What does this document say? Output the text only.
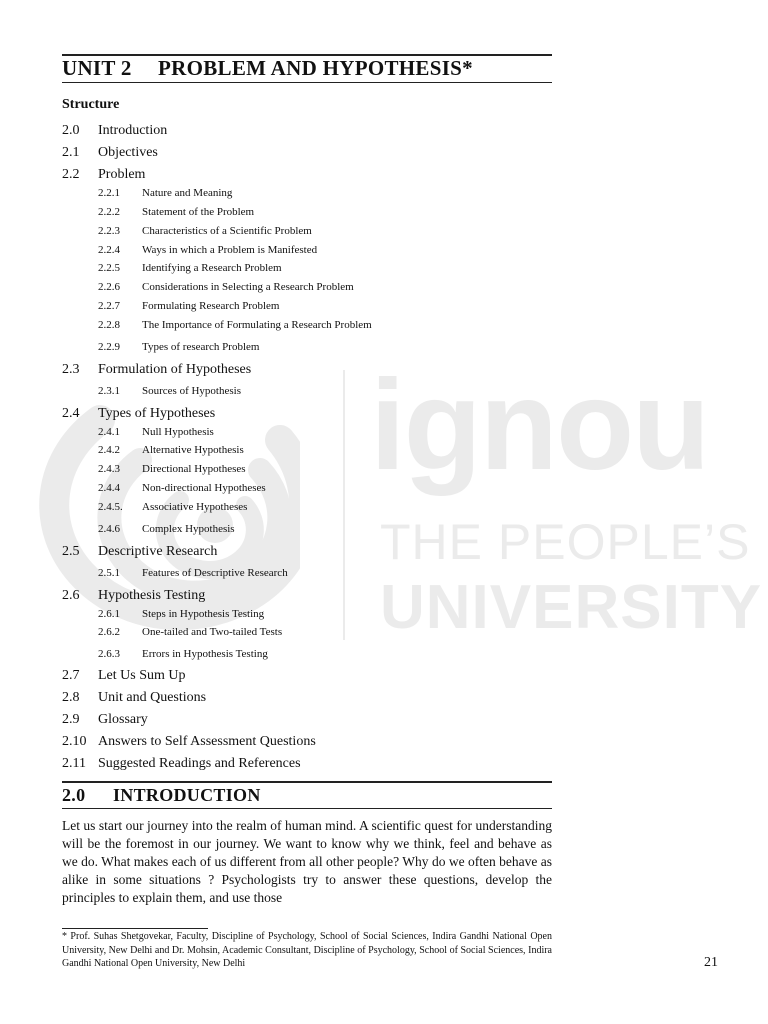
ignou
THE PEOPLE’S
UNIVERSITY
UNIT 2 PROBLEM AND HYPOTHESIS*
Structure
2.0 Introduction
2.1 Objectives
2.2 Problem
2.2.1 Nature and Meaning
2.2.2 Statement of the Problem
2.2.3 Characteristics of a Scientific Problem
2.2.4 Ways in which a Problem is Manifested
2.2.5 Identifying a Research Problem
2.2.6 Considerations in Selecting a Research Problem
2.2.7 Formulating Research Problem
2.2.8 The Importance of Formulating a Research Problem
2.2.9 Types of research Problem
2.3 Formulation of Hypotheses
2.3.1 Sources of Hypothesis
2.4 Types of Hypotheses
2.4.1 Null Hypothesis
2.4.2 Alternative Hypothesis
2.4.3 Directional Hypotheses
2.4.4 Non-directional Hypotheses
2.4.5. Associative Hypotheses
2.4.6 Complex Hypothesis
2.5 Descriptive Research
2.5.1 Features of Descriptive Research
2.6 Hypothesis Testing
2.6.1 Steps in Hypothesis Testing
2.6.2 One-tailed and Two-tailed Tests
2.6.3 Errors in Hypothesis Testing
2.7 Let Us Sum Up
2.8 Unit and Questions
2.9 Glossary
2.10 Answers to Self Assessment Questions
2.11 Suggested Readings and References
2.0 INTRODUCTION
Let us start our journey into the realm of human mind. A scientific quest for understanding will be the foremost in our journey. We want to know why we think, feel and behave as we do. What makes each of us different from all other people? Why do we often behave as alike in some situations ? Psychologists try to answer these questions, develop the principles to explain them, and use those
* Prof. Suhas Shetgovekar, Faculty, Discipline of Psychology, School of Social Sciences, Indira Gandhi National Open University, New Delhi and Dr. Mohsin, Academic Consultant, Discipline of Psychology, School of Social Sciences, Indira Gandhi National Open University, New Delhi	21
